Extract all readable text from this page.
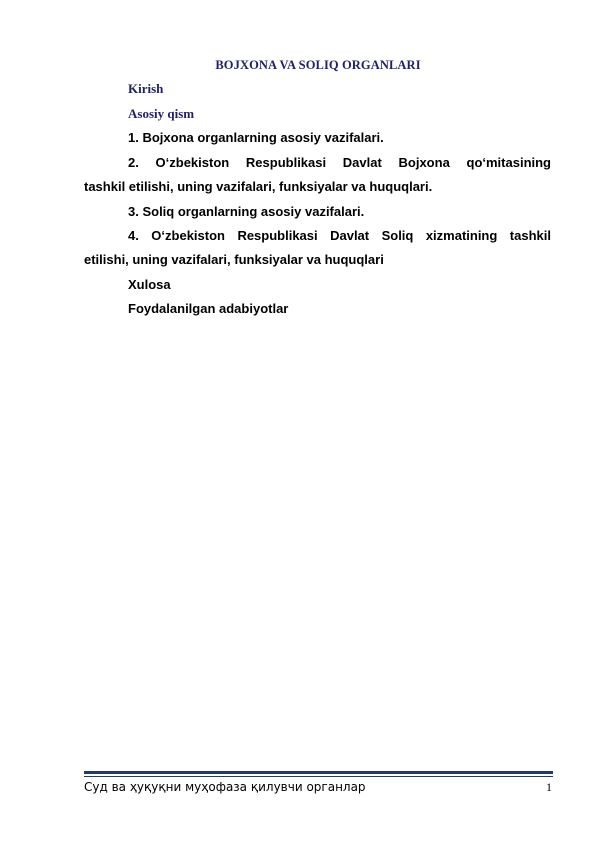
BOJXONA VA SOLIQ ORGANLARI
Kirish
Asosiy qism
1. Bojxona organlarning asosiy vazifalari.
2. O‘zbekiston Respublikasi Davlat Bojxona qo‘mitasining
tashkil etilishi, uning vazifalari, funksiyalar va huquqlari.
3. Soliq organlarning asosiy vazifalari.
4. O‘zbekiston Respublikasi Davlat Soliq xizmatining tashkil
etilishi, uning vazifalari, funksiyalar va huquqlari
Xulosa
Foydalanilgan adabiyotlar
Суд ва ҳуқуқни муҳофаза қилувчи органлар	1
